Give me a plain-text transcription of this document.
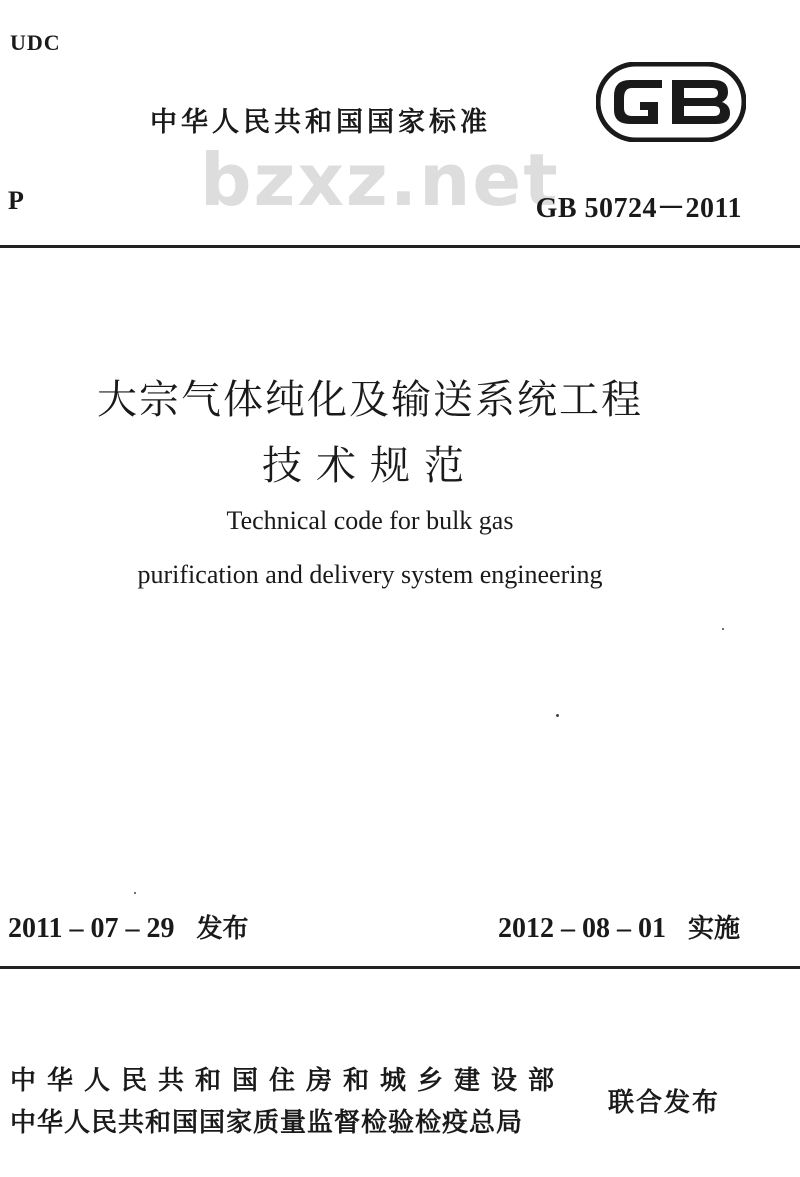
UDC
中华人民共和国国家标准
bzxz.net
P	GB 50724－2011
大宗气体纯化及输送系统工程
技术规范
Technical code for bulk gas
purification and delivery system engineering
2011 – 07 – 29 发布	2012 – 08 – 01 实施
中华人民共和国住房和城乡建设部
中华人民共和国国家质量监督检验检疫总局
联合发布
